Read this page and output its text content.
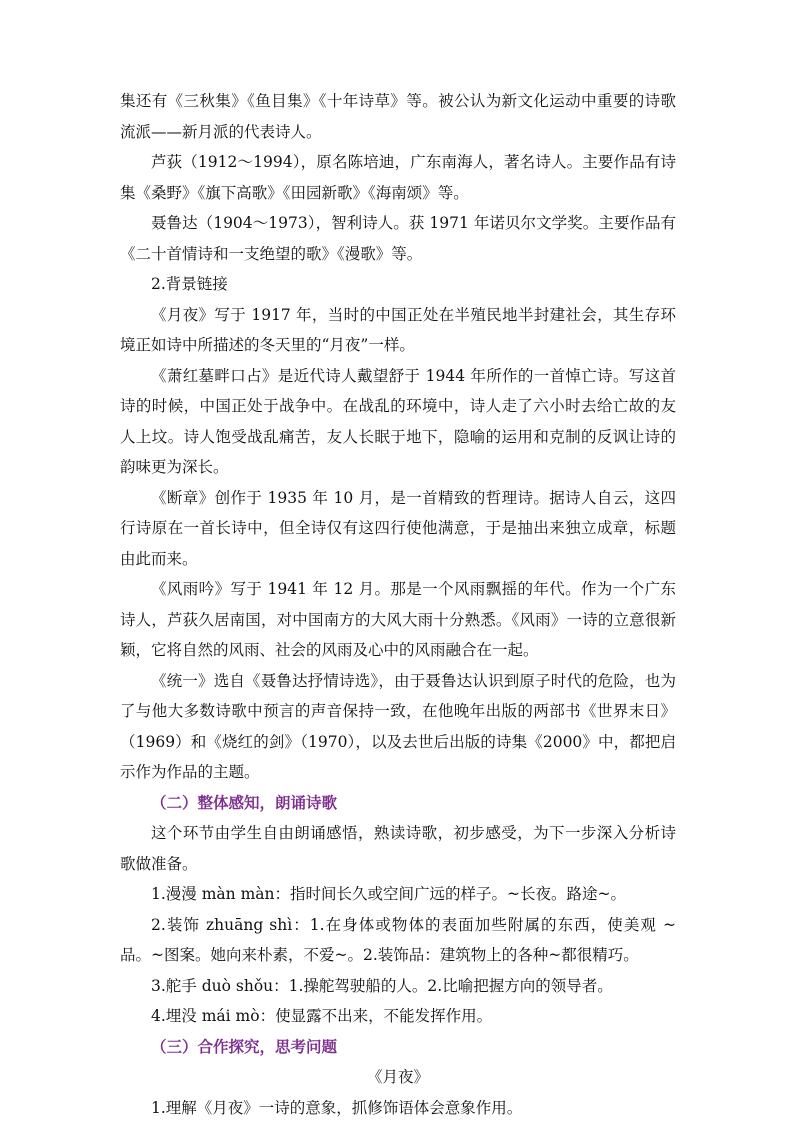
集还有《三秋集》《鱼目集》《十年诗草》等。被公认为新文化运动中重要的诗歌流派——新月派的代表诗人。

芦荻（1912～1994），原名陈培迪，广东南海人，著名诗人。主要作品有诗集《桑野》《旗下高歌》《田园新歌》《海南颂》等。

聂鲁达（1904～1973），智利诗人。获 1971 年诺贝尔文学奖。主要作品有《二十首情诗和一支绝望的歌》《漫歌》等。

2.背景链接

《月夜》写于 1917 年，当时的中国正处在半殖民地半封建社会，其生存环境正如诗中所描述的冬天里的“月夜”一样。

《萧红墓畔口占》是近代诗人戴望舒于 1944 年所作的一首悼亡诗。写这首诗的时候，中国正处于战争中。在战乱的环境中，诗人走了六小时去给亡故的友人上坟。诗人饱受战乱痛苦，友人长眠于地下，隐喻的运用和克制的反讽让诗的韵味更为深长。

《断章》创作于 1935 年 10 月，是一首精致的哲理诗。据诗人自云，这四行诗原在一首长诗中，但全诗仅有这四行使他满意，于是抽出来独立成章，标题由此而来。

《风雨吟》写于 1941 年 12 月。那是一个风雨飘摇的年代。作为一个广东诗人，芦荻久居南国，对中国南方的大风大雨十分熟悉。《风雨》一诗的立意很新颖，它将自然的风雨、社会的风雨及心中的风雨融合在一起。

《统一》选自《聂鲁达抒情诗选》，由于聂鲁达认识到原子时代的危险，也为了与他大多数诗歌中预言的声音保持一致，在他晚年出版的两部书《世界末日》（1969）和《烧红的剑》（1970），以及去世后出版的诗集《2000》中，都把启示作为作品的主题。

（二）整体感知，朗诵诗歌

这个环节由学生自由朗诵感悟，熟读诗歌，初步感受，为下一步深入分析诗歌做准备。

1.漫漫 màn màn：指时间长久或空间广远的样子。~长夜。路途~。

2.装饰 zhuāng shì：1.在身体或物体的表面加些附属的东西，使美观 ~品。~图案。她向来朴素，不爱~。2.装饰品：建筑物上的各种~都很精巧。

3.舵手 duò shǒu：1.操舵驾驶船的人。2.比喻把握方向的领导者。

4.埋没 mái mò：使显露不出来，不能发挥作用。

（三）合作探究，思考问题

《月夜》

1.理解《月夜》一诗的意象，抓修饰语体会意象作用。
